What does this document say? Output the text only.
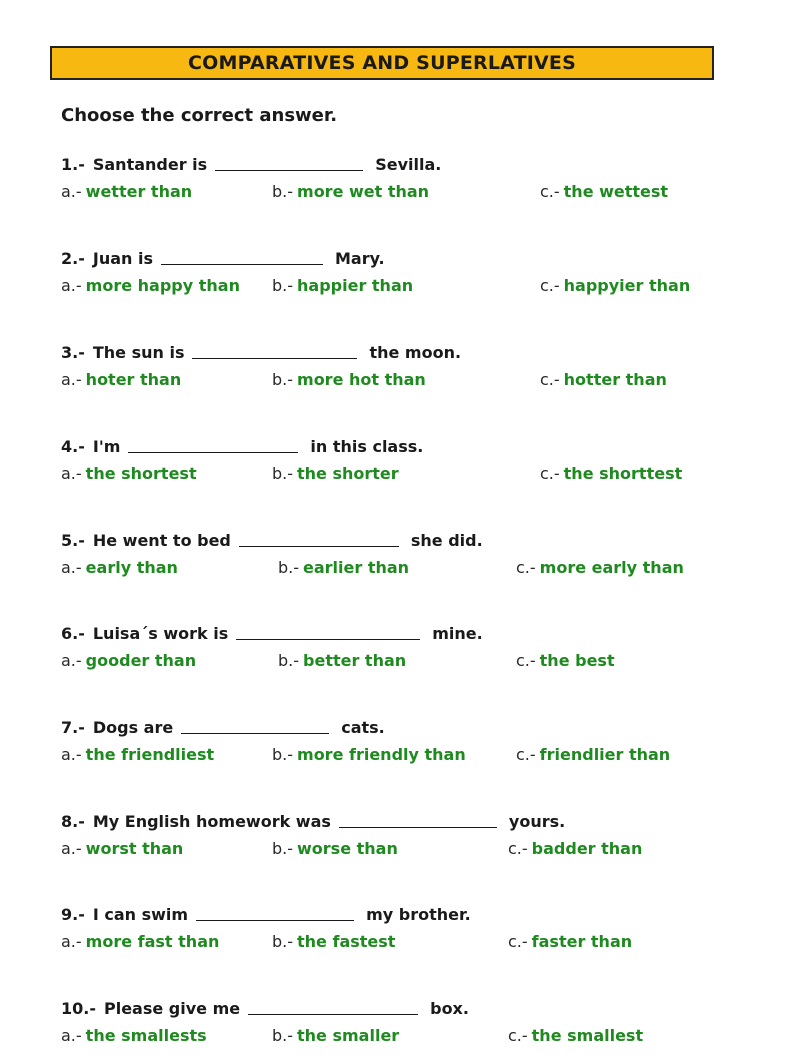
COMPARATIVES AND SUPERLATIVES
Choose the correct answer.
1.- Santander is	Sevilla.
a.- wetter than	b.- more wet than	c.- the wettest
2.- Juan is	Mary.
a.- more happy than b.- happier than	c.- happyier than
3.- The sun is	the moon.
a.- hoter than	b.- more hot than	c.- hotter than
4.- I'm	in this class.
a.- the shortest	b.- the shorter	c.- the shorttest
5.- He went to bed	she did.
a.- early than	b.- earlier than	c.- more early than
6.- Luisa´s work is	mine.
a.- gooder than	b.- better than	c.- the best
7.- Dogs are	cats.
a.- the friendliest	b.- more friendly than	c.- friendlier than
8.- My English homework was	yours.
a.- worst than	b.- worse than	c.- badder than
9.- I can swim	my brother.
a.- more fast than	b.- the fastest	c.- faster than
10.- Please give me	box.
a.- the smallests	b.- the smaller	c.- the smallest
